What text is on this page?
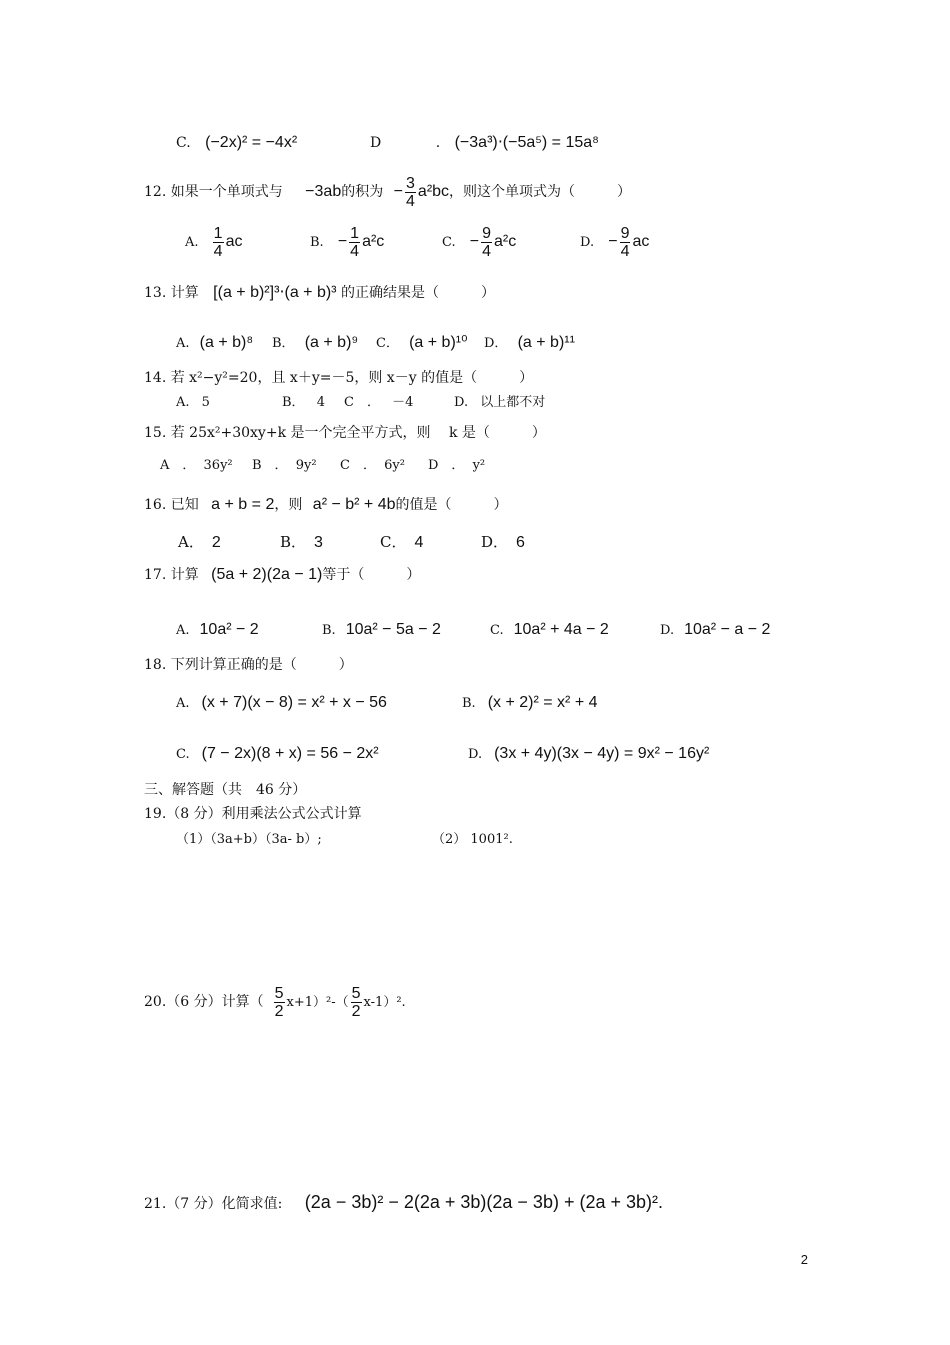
C. (−2x)² = −4x²	D	. (−3a³)⋅(−5a⁵) = 15a⁸
12. 如果一个单项式与 −3ab的积为 − $\frac{3}{4} a^2bc$，则这个单项式为（　　　）
A. $\frac{1}{4}$ ac	B. − $\frac{1}{4} a^2c$	C. − $\frac{9}{4} a^2c$	D. − $\frac{9}{4}$ ac
13. 计算 [(a + b)²]³⋅(a + b)³ 的正确结果是（　　　）
A. (a + b)⁸ B． (a + b)⁹ C． (a + b)¹⁰ D． (a + b)¹¹
14. 若 x²−y²=20，且 x＋y=－5，则 x－y 的值是（　　　）
A. 5	B． 4 C　． －4	D. 以上都不对
15. 若 25x²+30xy+k 是一个完全平方式，则　 k 是（　　　）
A　． 36y² B　． 9y² C　． 6y² D　． y²
16. 已知 a + b = 2，则 a² − b² + 4b的值是（　　　）
A． 2	B． 3	C． 4	D． 6
17. 计算 (5a + 2)(2a − 1)等于（　　　）
A. 10a² − 2	B. 10a² − 5a − 2	C. 10a² + 4a − 2	D. 10a² − a − 2
18. 下列计算正确的是（　　　）
A. (x + 7)(x − 8) = x² + x − 56	B. (x + 2)² = x² + 4
C. (7 − 2x)(8 + x) = 56 − 2x²	D. (3x + 4y)(3x − 4y) = 9x² − 16y²
三、解答题（共　46 分）
19.（8 分）利用乘法公式公式计算
（1）（3a+b）（3a- b）;	（2） 1001².
20.（6 分）计算（ $\frac{5}{2} x+1)^2-( \frac{5}{2} x-1)^2$.
21.（7 分）化简求值: (2a − 3b)² − 2(2a + 3b)(2a − 3b) + (2a + 3b)².
2
